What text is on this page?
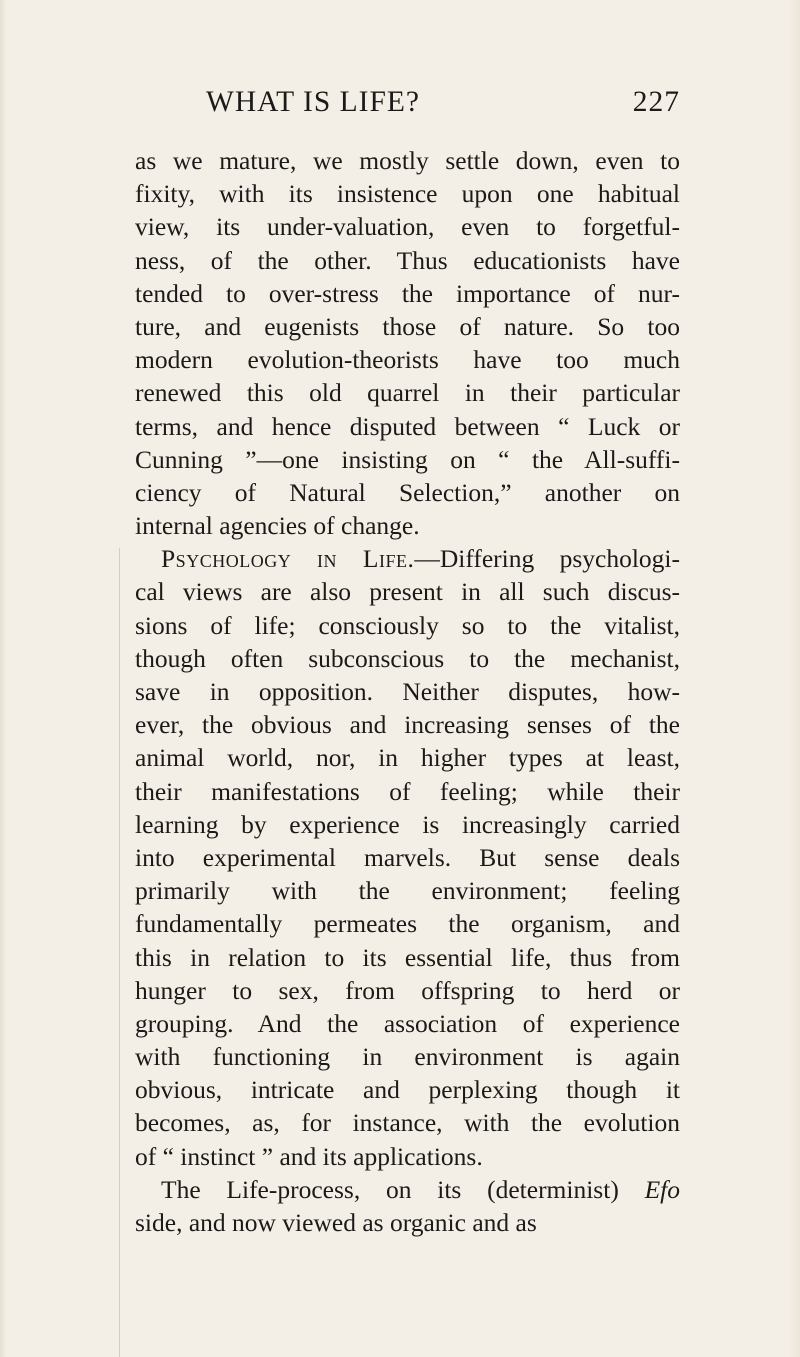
WHAT IS LIFE?	227
as we mature, we mostly settle down, even to
fixity, with its insistence upon one habitual
view, its under-valuation, even to forgetful-
ness, of the other. Thus educationists have
tended to over-stress the importance of nur-
ture, and eugenists those of nature. So too
modern evolution-theorists have too much
renewed this old quarrel in their particular
terms, and hence disputed between “ Luck or
Cunning ”—one insisting on “ the All-suffi-
ciency of Natural Selection,” another on
internal agencies of change.
Psychology in Life.—Differing psychologi-
cal views are also present in all such discus-
sions of life; consciously so to the vitalist,
though often subconscious to the mechanist,
save in opposition. Neither disputes, how-
ever, the obvious and increasing senses of the
animal world, nor, in higher types at least,
their manifestations of feeling; while their
learning by experience is increasingly carried
into experimental marvels. But sense deals
primarily with the environment; feeling
fundamentally permeates the organism, and
this in relation to its essential life, thus from
hunger to sex, from offspring to herd or
grouping. And the association of experience
with functioning in environment is again
obvious, intricate and perplexing though it
becomes, as, for instance, with the evolution
of “ instinct ” and its applications.
The Life-process, on its (determinist) Efo
side, and now viewed as organic and as
